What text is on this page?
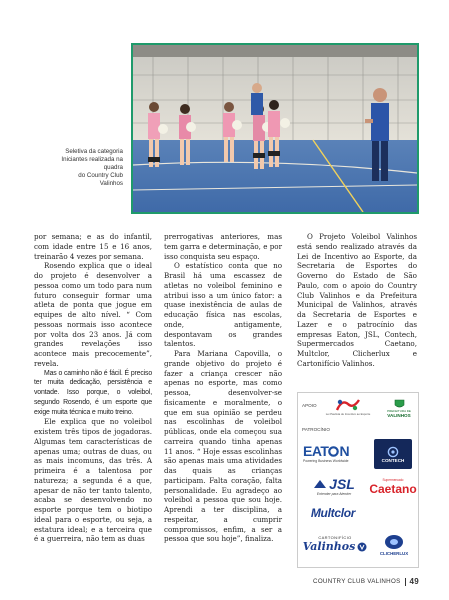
Seletiva da categoria
Iniciantes realizada na
quadra
do Country Club
Valinhos

por semana; e as do infantil, com idade entre 15 e 16 anos, treinarão 4 vezes por semana.

Rosendo explica que o ideal do projeto é desenvolver a pessoa como um todo para num futuro conseguir formar uma atleta de ponta que jogue em equipes de alto nível. “ Com pessoas normais isso acontece por volta dos 23 anos. Já com grandes revelações isso acontece mais precocemente”, revela.

Mas o caminho não é fácil. É preciso ter muita dedicação, persistência e vontade. Isso porque, o voleibol, segundo Rosendo, é um esporte que exige muita técnica e muito treino.

Ele explica que no voleibol existem três tipos de jogadoras. Algumas tem características de apenas uma; outras de duas, ou as mais incomuns, das três. A primeira é a talentosa por natureza; a segunda é a que, apesar de não ter tanto talento, acaba se desenvolvendo no esporte porque tem o biotipo ideal para o esporte, ou seja, a estatura ideal; e a terceira que é a guerreira, não tem as duas

prerrogativas anteriores, mas tem garra e determinação, e por isso conquista seu espaço.

O estatístico conta que no Brasil há uma escassez de atletas no voleibol feminino e atribui isso a um único fator: a quase inexistência de aulas de educação física nas escolas, onde, antigamente, despontavam os grandes talentos.

Para Mariana Capovilla, o grande objetivo do projeto é fazer a criança crescer não apenas no esporte, mas como pessoa, desenvolver-se fisicamente e moralmente, o que em sua opinião se perdeu nas escolinhas de voleibol públicas, onde ela começou sua carreira quando tinha apenas 11 anos. “ Hoje essas escolinhas são apenas mais uma atividades das quais as crianças participam. Falta coração, falta personalidade. Eu agradeço ao voleibol a pessoa que sou hoje. Aprendi a ter disciplina, a respeitar, a cumprir compromissos, enfim, a ser a pessoa que sou hoje”, finaliza.

O Projeto Voleibol Valinhos está sendo realizado através da Lei de Incentivo ao Esporte, da Secretaria de Esportes do Governo do Estado de São Paulo, com o apoio do Country Club Valinhos e da Prefeitura Municipal de Valinhos, através da Secretaria de Esportes e Lazer e o patrocínio das empresas Eaton, JSL, Contech, Supermercados Caetano, Multclor, Clicherlux e Cartonifício Valinhos.

APOIO
Lei Paulista de Incentivo ao Esporte
PREFEITURA DE
VALINHOS
PATROCÍNIO
EAT N
Powering Business Worldwide	CONTECH
JSL
Entender para Atender
Supermercado
Caetano
Multclor
CARTONIFÍCIO
Valinhos	CLICHERLUX
COUNTRY CLUB VALINHOS 49
